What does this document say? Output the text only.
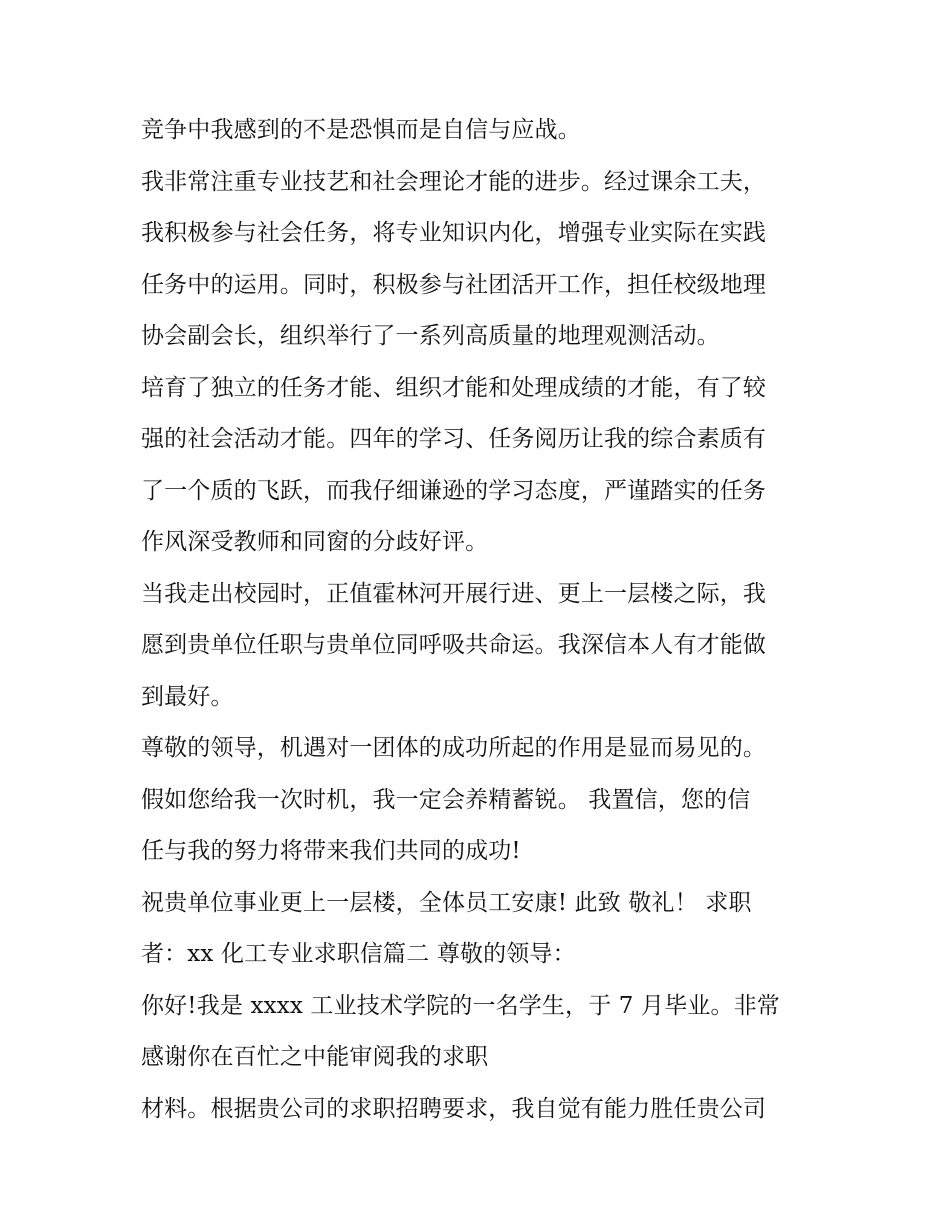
竞争中我感到的不是恐惧而是自信与应战。
我非常注重专业技艺和社会理论才能的进步。经过课余工夫，
我积极参与社会任务，将专业知识内化，增强专业实际在实践
任务中的运用。同时，积极参与社团活开工作，担任校级地理
协会副会长，组织举行了一系列高质量的地理观测活动。
培育了独立的任务才能、组织才能和处理成绩的才能，有了较
强的社会活动才能。四年的学习、任务阅历让我的综合素质有
了一个质的飞跃，而我仔细谦逊的学习态度，严谨踏实的任务
作风深受教师和同窗的分歧好评。
当我走出校园时，正值霍林河开展行进、更上一层楼之际，我
愿到贵单位任职与贵单位同呼吸共命运。我深信本人有才能做
到最好。
尊敬的领导，机遇对一团体的成功所起的作用是显而易见的。
假如您给我一次时机，我一定会养精蓄锐。 我置信，您的信
任与我的努力将带来我们共同的成功!
祝贵单位事业更上一层楼，全体员工安康! 此致 敬礼！ 求职
者：xx 化工专业求职信篇二 尊敬的领导：
你好!我是 xxxx 工业技术学院的一名学生，于 7 月毕业。非常
感谢你在百忙之中能审阅我的求职
材料。根据贵公司的求职招聘要求，我自觉有能力胜任贵公司
